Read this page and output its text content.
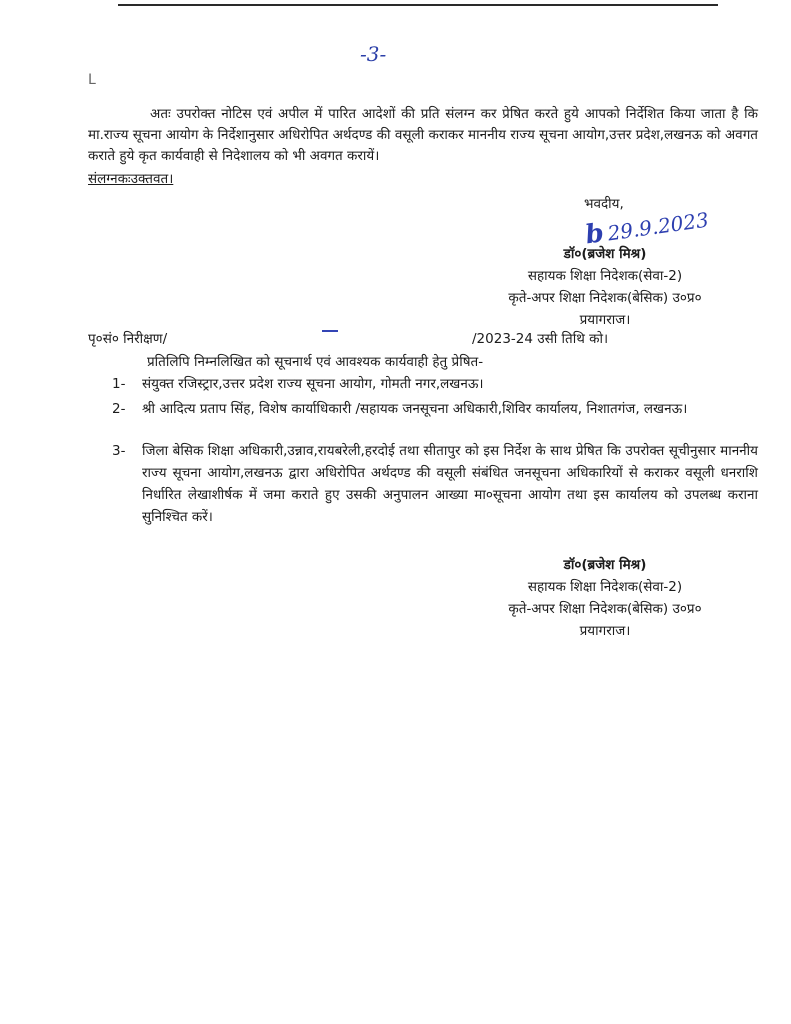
-3-
L
अतः उपरोक्त नोटिस एवं अपील में पारित आदेशों की प्रति संलग्न कर प्रेषित करते हुये आपको निर्देशित किया जाता है कि मा.राज्य सूचना आयोग के निर्देशानुसार अधिरोपित अर्थदण्ड की वसूली कराकर माननीय राज्य सूचना आयोग,उत्तर प्रदेश,लखनऊ को अवगत कराते हुये कृत कार्यवाही से निदेशालय को भी अवगत करायें।
संलग्नकःउक्तवत।
भवदीय,
b29.9.2023
डॉ०(ब्रजेश मिश्र)
सहायक शिक्षा निदेशक(सेवा-2)
कृते-अपर शिक्षा निदेशक(बेसिक) उ०प्र०
प्रयागराज।
पृ०सं० निरीक्षण/	/2023-24 उसी तिथि को।
प्रतिलिपि निम्नलिखित को सूचनार्थ एवं आवश्यक कार्यवाही हेतु प्रेषित-
1-	संयुक्त रजिस्ट्रार,उत्तर प्रदेश राज्य सूचना आयोग, गोमती नगर,लखनऊ।
2-	श्री आदित्य प्रताप सिंह, विशेष कार्याधिकारी /सहायक जनसूचना अधिकारी,शिविर कार्यालय, निशातगंज, लखनऊ।
3-	जिला बेसिक शिक्षा अधिकारी,उन्नाव,रायबरेली,हरदोई तथा सीतापुर को इस निर्देश के साथ प्रेषित कि उपरोक्त सूचीनुसार माननीय राज्य सूचना आयोग,लखनऊ द्वारा अधिरोपित अर्थदण्ड की वसूली संबंधित जनसूचना अधिकारियों से कराकर वसूली धनराशि निर्धारित लेखाशीर्षक में जमा कराते हुए उसकी अनुपालन आख्या मा०सूचना आयोग तथा इस कार्यालय को उपलब्ध कराना सुनिश्चित करें।
डॉ०(ब्रजेश मिश्र)
सहायक शिक्षा निदेशक(सेवा-2)
कृते-अपर शिक्षा निदेशक(बेसिक) उ०प्र०
प्रयागराज।
